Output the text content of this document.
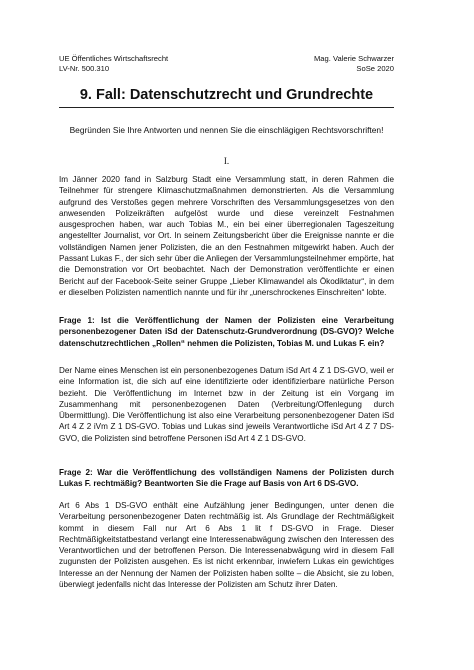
UE Öffentliches Wirtschaftsrecht
LV-Nr. 500.310
Mag. Valerie Schwarzer
SoSe 2020
9. Fall: Datenschutzrecht und Grundrechte
Begründen Sie Ihre Antworten und nennen Sie die einschlägigen Rechtsvorschriften!
I.

Im Jänner 2020 fand in Salzburg Stadt eine Versammlung statt, in deren Rahmen die Teilnehmer für strengere Klimaschutzmaßnahmen demonstrierten. Als die Versammlung aufgrund des Verstoßes gegen mehrere Vorschriften des Versammlungsgesetzes von den anwesenden Polizeikräften aufgelöst wurde und diese vereinzelt Festnahmen ausgesprochen haben, war auch Tobias M., ein bei einer überregionalen Tageszeitung angestellter Journalist, vor Ort. In seinem Zeitungsbericht über die Ereignisse nannte er die vollständigen Namen jener Polizisten, die an den Festnahmen mitgewirkt haben. Auch der Passant Lukas F., der sich sehr über die Anliegen der Versammlungsteilnehmer empörte, hat die Demonstration vor Ort beobachtet. Nach der Demonstration veröffentlichte er einen Bericht auf der Facebook-Seite seiner Gruppe „Lieber Klimawandel als Ökodiktatur“, in dem er dieselben Polizisten namentlich nannte und für ihr „unerschrockenes Einschreiten“ lobte.

Frage 1: Ist die Veröffentlichung der Namen der Polizisten eine Verarbeitung personenbezogener Daten iSd der Datenschutz-Grundverordnung (DS-GVO)? Welche datenschutzrechtlichen „Rollen“ nehmen die Polizisten, Tobias M. und Lukas F. ein?

Der Name eines Menschen ist ein personenbezogenes Datum iSd Art 4 Z 1 DS-GVO, weil er eine Information ist, die sich auf eine identifizierte oder identifizierbare natürliche Person bezieht. Die Veröffentlichung im Internet bzw in der Zeitung ist ein Vorgang im Zusammenhang mit personenbezogenen Daten (Verbreitung/Offenlegung durch Übermittlung). Die Veröffentlichung ist also eine Verarbeitung personenbezogener Daten iSd Art 4 Z 2 iVm Z 1 DS-GVO. Tobias und Lukas sind jeweils Verantwortliche iSd Art 4 Z 7 DS-GVO, die Polizisten sind betroffene Personen iSd Art 4 Z 1 DS-GVO.

Frage 2: War die Veröffentlichung des vollständigen Namens der Polizisten durch Lukas F. rechtmäßig? Beantworten Sie die Frage auf Basis von Art 6 DS-GVO.

Art 6 Abs 1 DS-GVO enthält eine Aufzählung jener Bedingungen, unter denen die Verarbeitung personenbezogener Daten rechtmäßig ist. Als Grundlage der Rechtmäßigkeit kommt in diesem Fall nur Art 6 Abs 1 lit f DS-GVO in Frage. Dieser Rechtmäßigkeitstatbestand verlangt eine Interessenabwägung zwischen den Interessen des Verantwortlichen und der betroffenen Person. Die Interessenabwägung wird in diesem Fall zugunsten der Polizisten ausgehen. Es ist nicht erkennbar, inwiefern Lukas ein gewichtiges Interesse an der Nennung der Namen der Polizisten haben sollte – die Absicht, sie zu loben, überwiegt jedenfalls nicht das Interesse der Polizisten am Schutz ihrer Daten.
